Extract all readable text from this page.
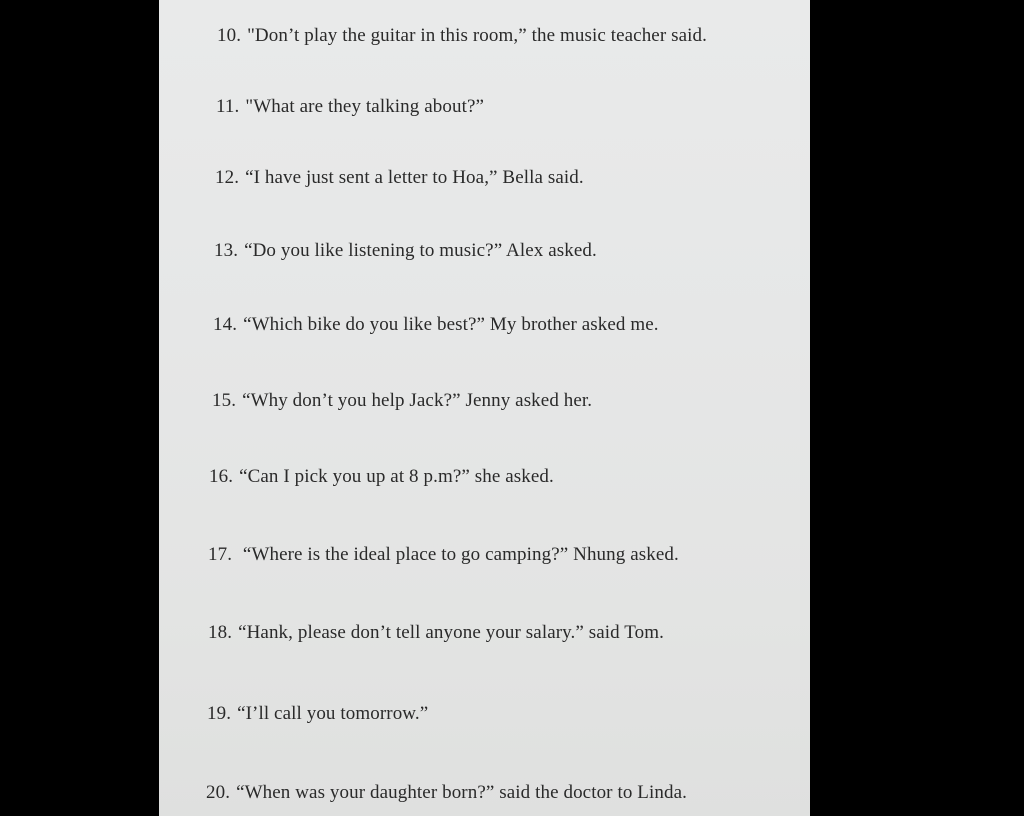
10. "Don’t play the guitar in this room,” the music teacher said.
11. "What are they talking about?”
12. “I have just sent a letter to Hoa,” Bella said.
13. “Do you like listening to music?” Alex asked.
14. “Which bike do you like best?” My brother asked me.
15. “Why don’t you help Jack?” Jenny asked her.
16. “Can I pick you up at 8 p.m?” she asked.
17. “Where is the ideal place to go camping?” Nhung asked.
18. “Hank, please don’t tell anyone your salary.” said Tom.
19. “I’ll call you tomorrow.”
20. “When was your daughter born?” said the doctor to Linda.
